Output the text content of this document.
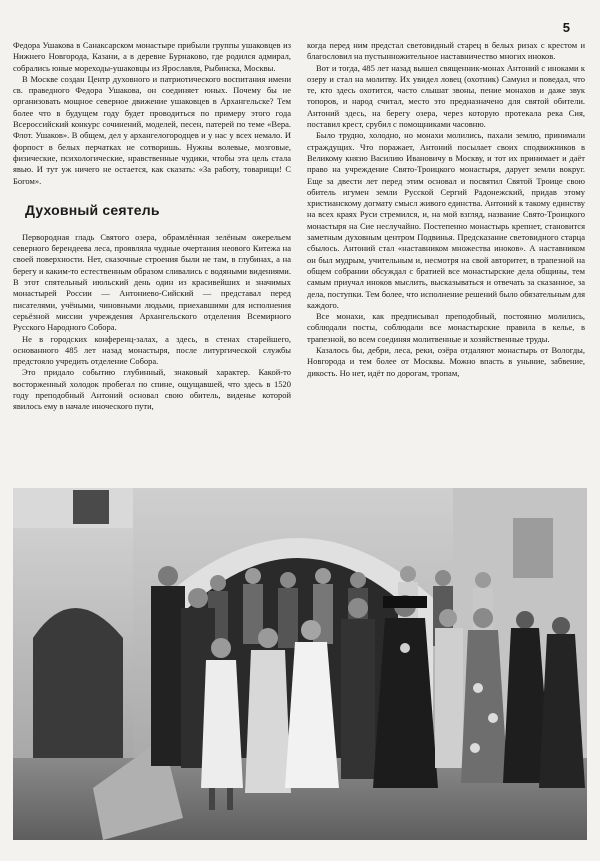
5

Федора Ушакова в Санаксарском монастыре прибыли группы ушаковцев из Нижнего Новгорода, Казани, а в деревне Бурнаково, где родился адмирал, собрались юные мореходы-ушаковцы из Ярославля, Рыбинска, Москвы.

В Москве создан Центр духовного и патриотического воспитания имени св. праведного Федора Ушакова, он соединяет юных. Почему бы не организовать мощное северное движение ушаковцев в Архангельске? Тем более что в будущем году будет проводиться по примеру этого года Всероссийский конкурс сочинений, моделей, песен, патерей по теме «Вера. Флот. Ушаков». В общем, дел у архангелогородцев и у нас у всех немало. И форпост в белых перчатках не сотворишь. Нужны волевые, мозговые, физические, психологические, нравственные чудики, чтобы эта цель стала явью. И тут уж ничего не остается, как сказать: «За работу, товарищи! С Богом».

Духовный сеятель

Первородная гладь Святого озера, обрамлённая зелёным ожерельем северного берендеева леса, проявляла чудные очертания неового Китежа на своей поверхности. Нет, сказочные строения были не там, в глубинах, а на берегу и каким-то естественным образом сливались с водяными видениями. В этот спятельный июльский день один из красивейших и значимых монастырей России — Антониево-Сийский — представал перед писателями, учёными, чиновными людьми, приехавшими для исполнения серьёзной миссии учреждения Архангельского отделения Всемирного Русского Народного Собора.

Не в городских конференц-залах, а здесь, в стенах старейшего, основанного 485 лет назад монастыря, после литургической службы предстояло учредить отделение Собора.

Это придало событию глубинный, знаковый характер. Какой-то восторженный холодок пробегал по спине, ощущавшей, что здесь в 1520 году преподобный Антоний основал свою обитель, виденье которой явилось ему в начале иноческого пути,

когда перед ним предстал световидный старец в белых ризах с крестом и благословил на пустынножительное наставничество многих иноков.

Вот и тогда, 485 лет назад вышел священник-монах Антоний с иноками к озеру и стал на молитву. Их увидел ловец (охотник) Самуил и поведал, что те, кто здесь охотится, часто слышат звоны, пение монахов и даже звук топоров, и народ считал, место это предназначено для святой обители. Антоний здесь, на берегу озера, через которую протекала река Сия, поставил крест, срубил с помощниками часовню.

Было трудно, холодно, но монахи молились, пахали землю, принимали страждущих. Что поражает, Антоний посылает своих сподвижников в Великому князю Василию Ивановичу в Москву, и тот их принимает и даёт право на учреждение Свято-Троицкого монастыря, дарует земли вокруг. Еще за двести лет перед этим основал и посвятил Святой Троице свою обитель игумен земли Русской Сергий Радонежский, придав этому христианскому догмату смысл живого единства. Антоний к такому единству на всех краях Руси стремился, и, на мой взгляд, название Свято-Троицкого монастыря на Сие неслучайно. Постепенно монастырь крепнет, становится заметным духовным центром Подвинья. Предсказание световидного старца сбылось. Антоний стал «наставником множества иноков». А наставником он был мудрым, учительным и, несмотря на свой авторитет, в трапезной на общем собрании обсуждал с братией все монастырские дела общины, тем самым приучал иноков мыслить, высказываться и отвечать за сказанное, за дела, поступки. Тем более, что исполнение решений было обязательным для каждого.

Все монахи, как предписывал преподобный, постоянно молились, соблюдали посты, соблюдали все монастырские правила в келье, в трапезной, во всем соединяя молитвенные и хозяйственные труды.

Казалось бы, дебри, леса, реки, озёра отдаляют монастырь от Вологды, Новгорода и тем более от Москвы. Можно впасть в уныние, забвение, дикость. Но нет, идёт по дорогам, тропам,
